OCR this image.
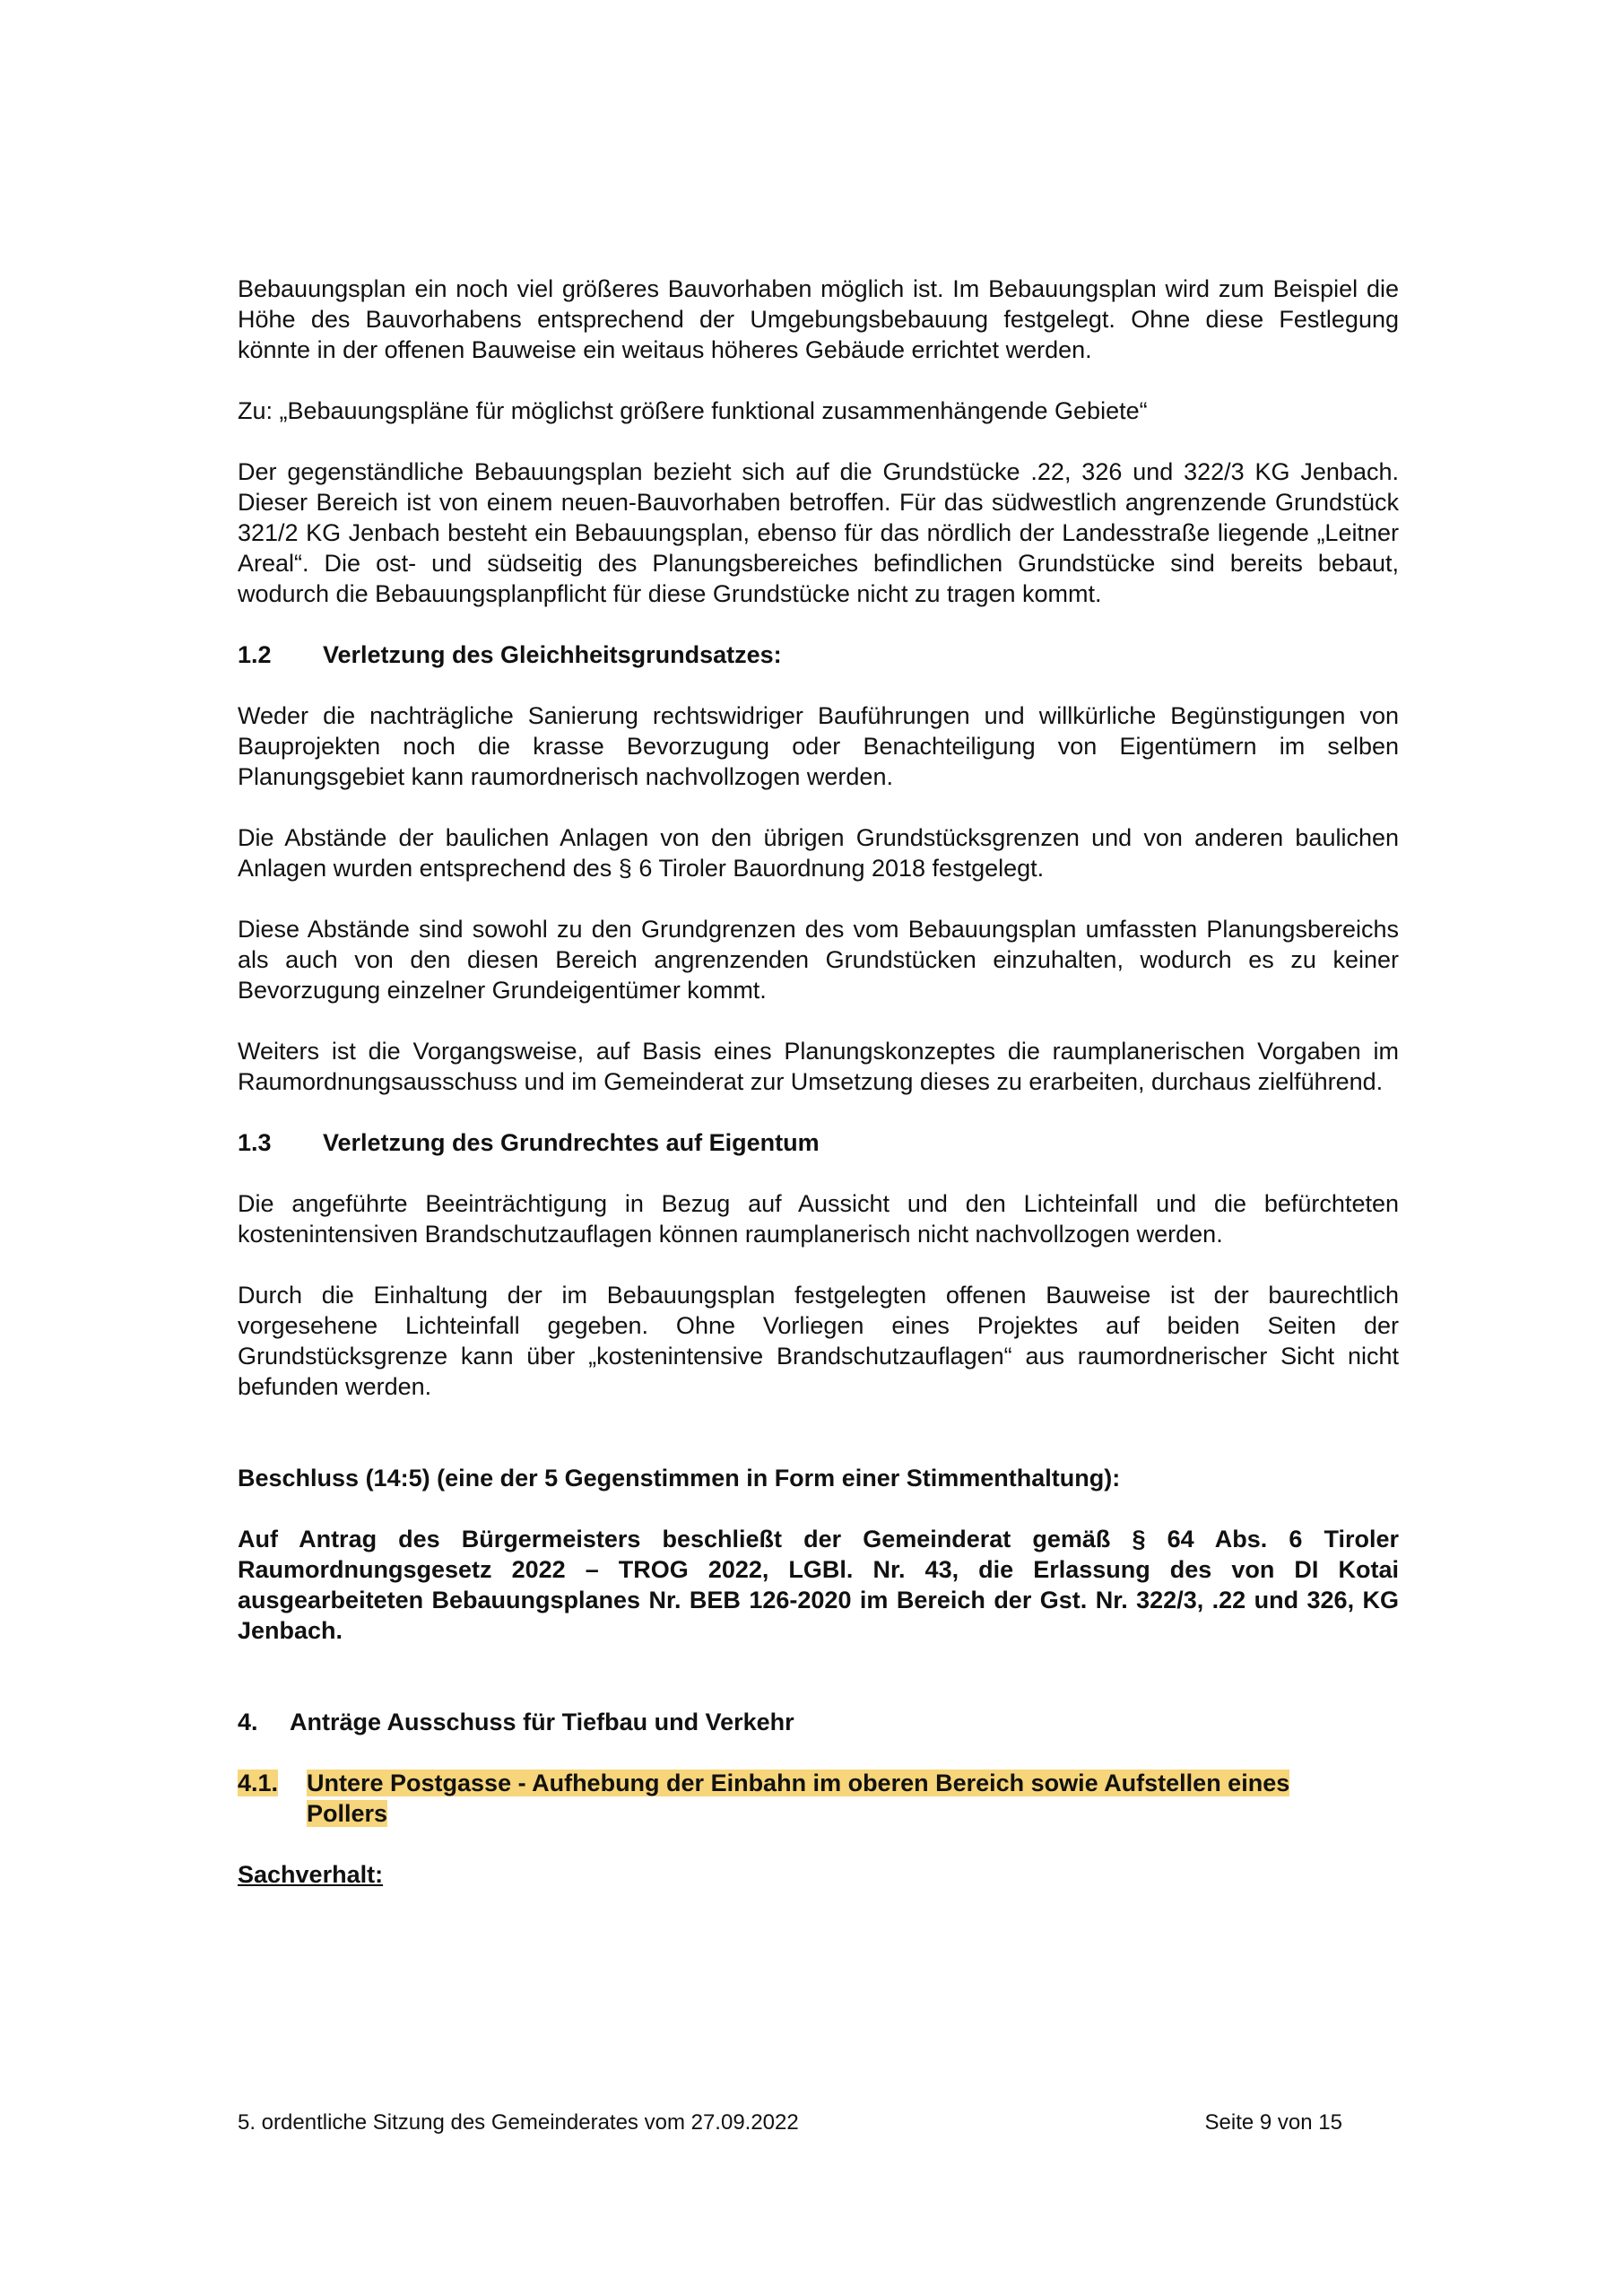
Bebauungsplan ein noch viel größeres Bauvorhaben möglich ist. Im Bebauungsplan wird zum Beispiel die Höhe des Bauvorhabens entsprechend der Umgebungsbebauung festgelegt. Ohne diese Festlegung könnte in der offenen Bauweise ein weitaus höheres Gebäude errichtet werden.

Zu: „Bebauungspläne für möglichst größere funktional zusammenhängende Gebiete“

Der gegenständliche Bebauungsplan bezieht sich auf die Grundstücke .22, 326 und 322/3 KG Jenbach. Dieser Bereich ist von einem neuen-Bauvorhaben betroffen. Für das südwestlich angrenzende Grundstück 321/2 KG Jenbach besteht ein Bebauungsplan, ebenso für das nördlich der Landesstraße liegende „Leitner Areal“. Die ost- und südseitig des Planungsbereiches befindlichen Grundstücke sind bereits bebaut, wodurch die Bebauungsplanpflicht für diese Grundstücke nicht zu tragen kommt.

1.2	Verletzung des Gleichheitsgrundsatzes:

Weder die nachträgliche Sanierung rechtswidriger Bauführungen und willkürliche Begünstigungen von Bauprojekten noch die krasse Bevorzugung oder Benachteiligung von Eigentümern im selben Planungsgebiet kann raumordnerisch nachvollzogen werden.

Die Abstände der baulichen Anlagen von den übrigen Grundstücksgrenzen und von anderen baulichen Anlagen wurden entsprechend des § 6 Tiroler Bauordnung 2018 festgelegt.

Diese Abstände sind sowohl zu den Grundgrenzen des vom Bebauungsplan umfassten Planungsbereichs als auch von den diesen Bereich angrenzenden Grundstücken einzuhalten, wodurch es zu keiner Bevorzugung einzelner Grundeigentümer kommt.

Weiters ist die Vorgangsweise, auf Basis eines Planungskonzeptes die raumplanerischen Vorgaben im Raumordnungsausschuss und im Gemeinderat zur Umsetzung dieses zu erarbeiten, durchaus zielführend.

1.3	Verletzung des Grundrechtes auf Eigentum

Die angeführte Beeinträchtigung in Bezug auf Aussicht und den Lichteinfall und die befürchteten kostenintensiven Brandschutzauflagen können raumplanerisch nicht nachvollzogen werden.

Durch die Einhaltung der im Bebauungsplan festgelegten offenen Bauweise ist der baurechtlich vorgesehene Lichteinfall gegeben. Ohne Vorliegen eines Projektes auf beiden Seiten der Grundstücksgrenze kann über „kostenintensive Brandschutzauflagen“ aus raumordnerischer Sicht nicht befunden werden.

Beschluss (14:5) (eine der 5 Gegenstimmen in Form einer Stimmenthaltung):

Auf Antrag des Bürgermeisters beschließt der Gemeinderat gemäß § 64 Abs. 6 Tiroler Raumordnungsgesetz 2022 – TROG 2022, LGBl. Nr. 43, die Erlassung des von DI Kotai ausgearbeiteten Bebauungsplanes Nr. BEB 126-2020 im Bereich der Gst. Nr. 322/3, .22 und 326, KG Jenbach.

4.	Anträge Ausschuss für Tiefbau und Verkehr
4.1.	Untere Postgasse - Aufhebung der Einbahn im oberen Bereich sowie Aufstellen eines
Pollers

Sachverhalt:

5. ordentliche Sitzung des Gemeinderates vom 27.09.2022	Seite 9 von 15
